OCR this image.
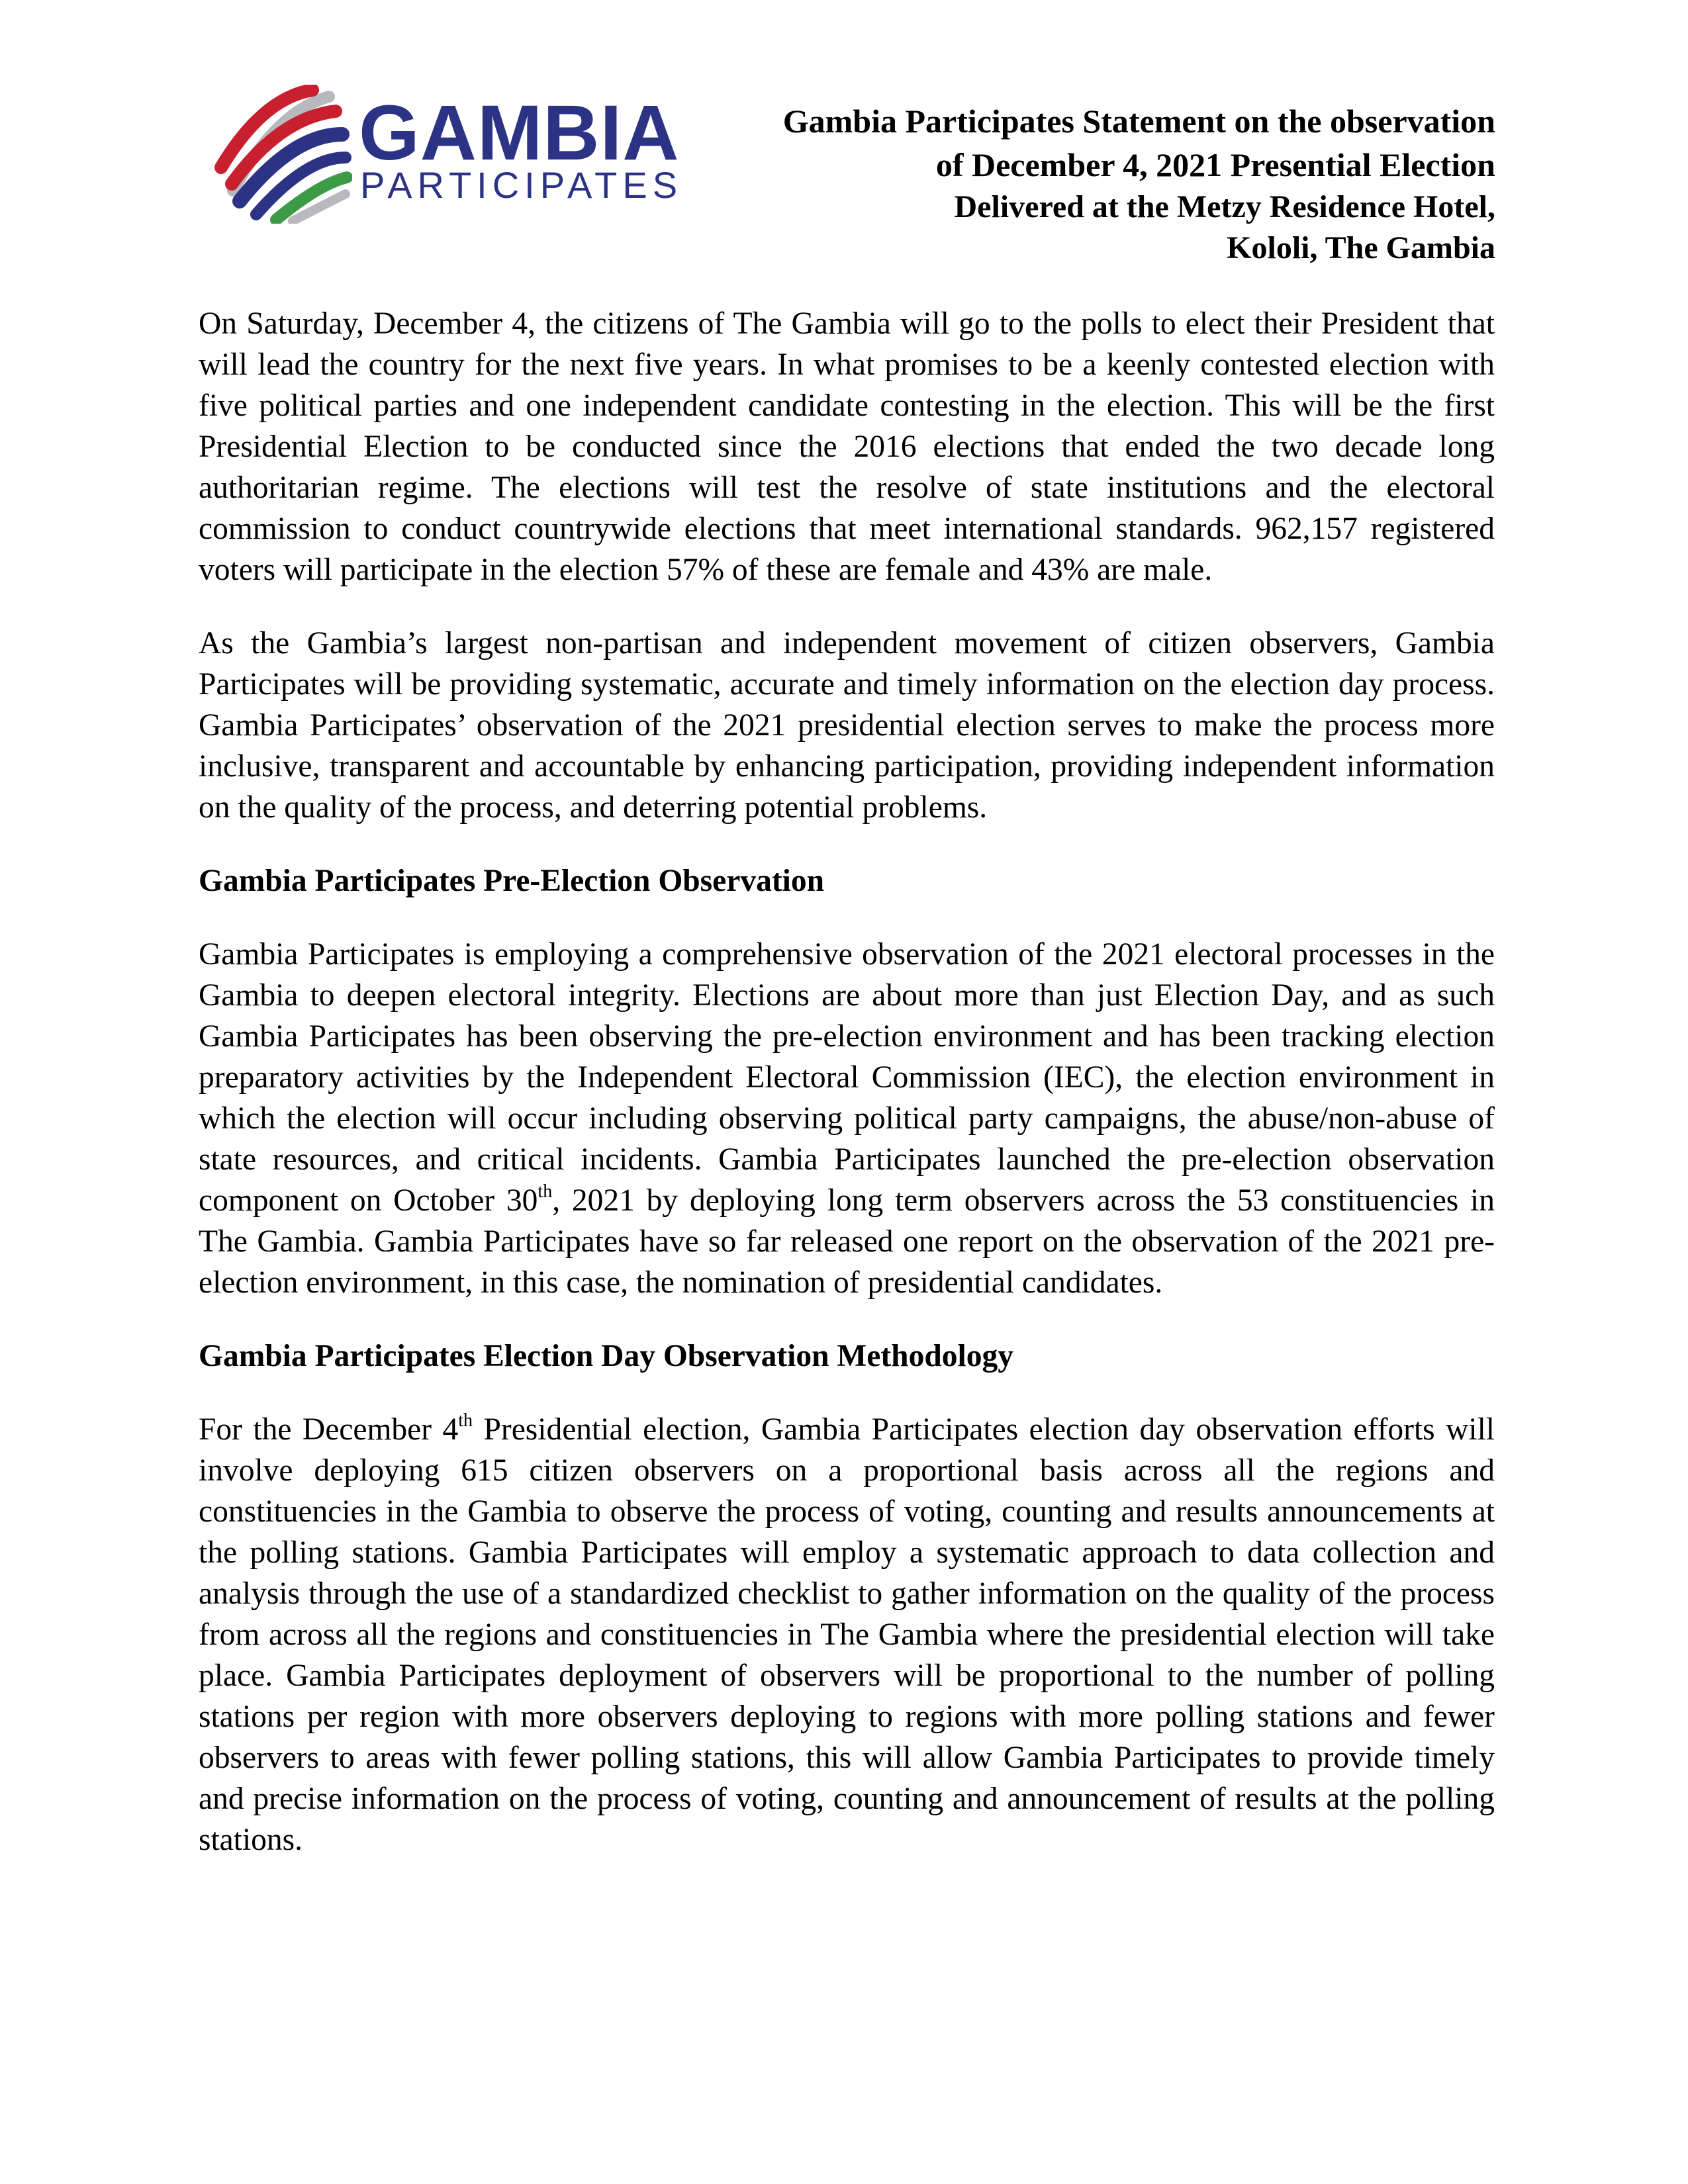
GAMBIA
PARTICIPATES
Gambia Participates Statement on the observation
of December 4, 2021 Presential Election
Delivered at the Metzy Residence Hotel,
Kololi, The Gambia

On Saturday, December 4, the citizens of The Gambia will go to the polls to elect their President that will lead the country for the next five years. In what promises to be a keenly contested election with five political parties and one independent candidate contesting in the election. This will be the first Presidential Election to be conducted since the 2016 elections that ended the two decade long authoritarian regime. The elections will test the resolve of state institutions and the electoral commission to conduct countrywide elections that meet international standards. 962,157 registered voters will participate in the election 57% of these are female and 43% are male.

As the Gambia’s largest non-partisan and independent movement of citizen observers, Gambia Participates will be providing systematic, accurate and timely information on the election day process. Gambia Participates’ observation of the 2021 presidential election serves to make the process more inclusive, transparent and accountable by enhancing participation, providing independent information on the quality of the process, and deterring potential problems.

Gambia Participates Pre-Election Observation

Gambia Participates is employing a comprehensive observation of the 2021 electoral processes in the Gambia to deepen electoral integrity. Elections are about more than just Election Day, and as such Gambia Participates has been observing the pre-election environment and has been tracking election preparatory activities by the Independent Electoral Commission (IEC), the election environment in which the election will occur including observing political party campaigns, the abuse/non-abuse of state resources, and critical incidents. Gambia Participates launched the pre-election observation component on October 30th, 2021 by deploying long term observers across the 53 constituencies in The Gambia. Gambia Participates have so far released one report on the observation of the 2021 pre-election environment, in this case, the nomination of presidential candidates.

Gambia Participates Election Day Observation Methodology

For the December 4th Presidential election, Gambia Participates election day observation efforts will involve deploying 615 citizen observers on a proportional basis across all the regions and constituencies in the Gambia to observe the process of voting, counting and results announcements at the polling stations. Gambia Participates will employ a systematic approach to data collection and analysis through the use of a standardized checklist to gather information on the quality of the process from across all the regions and constituencies in The Gambia where the presidential election will take place. Gambia Participates deployment of observers will be proportional to the number of polling stations per region with more observers deploying to regions with more polling stations and fewer observers to areas with fewer polling stations, this will allow Gambia Participates to provide timely and precise information on the process of voting, counting and announcement of results at the polling stations.
